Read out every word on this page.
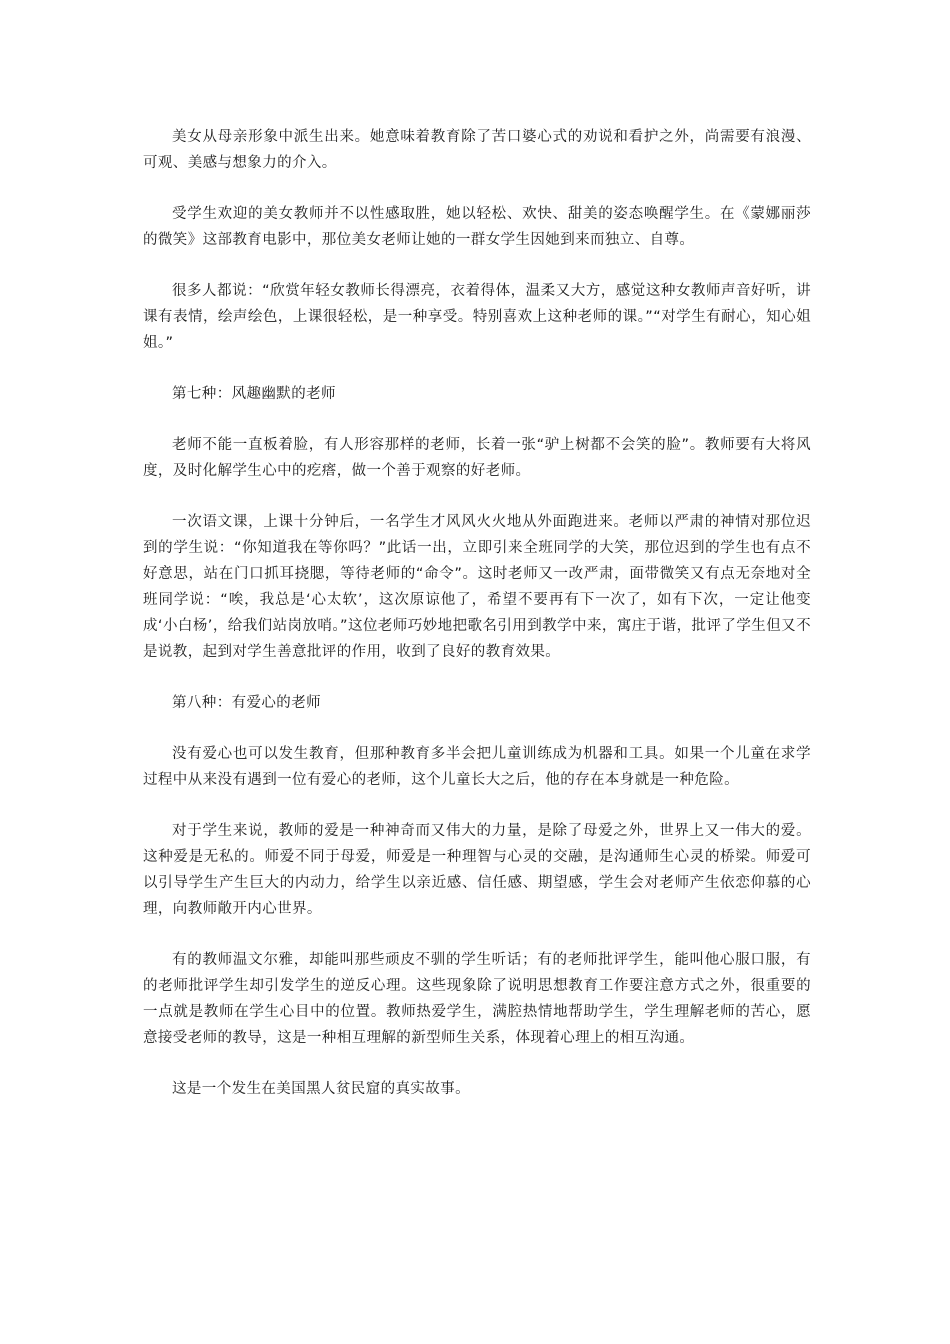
美女从母亲形象中派生出来。她意味着教育除了苦口婆心式的劝说和看护之外，尚需要有浪漫、可观、美感与想象力的介入。

受学生欢迎的美女教师并不以性感取胜，她以轻松、欢快、甜美的姿态唤醒学生。在《蒙娜丽莎的微笑》这部教育电影中，那位美女老师让她的一群女学生因她到来而独立、自尊。

很多人都说：“欣赏年轻女教师长得漂亮，衣着得体，温柔又大方，感觉这种女教师声音好听，讲课有表情，绘声绘色，上课很轻松，是一种享受。特别喜欢上这种老师的课。”“对学生有耐心，知心姐姐。”

第七种：风趣幽默的老师

老师不能一直板着脸，有人形容那样的老师，长着一张“驴上树都不会笑的脸”。教师要有大将风度，及时化解学生心中的疙瘩，做一个善于观察的好老师。

一次语文课，上课十分钟后，一名学生才风风火火地从外面跑进来。老师以严肃的神情对那位迟到的学生说：“你知道我在等你吗？”此话一出，立即引来全班同学的大笑，那位迟到的学生也有点不好意思，站在门口抓耳挠腮，等待老师的“命令”。这时老师又一改严肃，面带微笑又有点无奈地对全班同学说：“唉，我总是‘心太软’，这次原谅他了，希望不要再有下一次了，如有下次，一定让他变成‘小白杨’，给我们站岗放哨。”这位老师巧妙地把歌名引用到教学中来，寓庄于谐，批评了学生但又不是说教，起到对学生善意批评的作用，收到了良好的教育效果。

第八种：有爱心的老师

没有爱心也可以发生教育，但那种教育多半会把儿童训练成为机器和工具。如果一个儿童在求学过程中从来没有遇到一位有爱心的老师，这个儿童长大之后，他的存在本身就是一种危险。

对于学生来说，教师的爱是一种神奇而又伟大的力量，是除了母爱之外，世界上又一伟大的爱。这种爱是无私的。师爱不同于母爱，师爱是一种理智与心灵的交融，是沟通师生心灵的桥梁。师爱可以引导学生产生巨大的内动力，给学生以亲近感、信任感、期望感，学生会对老师产生依恋仰慕的心理，向教师敞开内心世界。

有的教师温文尔雅，却能叫那些顽皮不驯的学生听话；有的老师批评学生，能叫他心服口服，有的老师批评学生却引发学生的逆反心理。这些现象除了说明思想教育工作要注意方式之外，很重要的一点就是教师在学生心目中的位置。教师热爱学生，满腔热情地帮助学生，学生理解老师的苦心，愿意接受老师的教导，这是一种相互理解的新型师生关系，体现着心理上的相互沟通。

这是一个发生在美国黑人贫民窟的真实故事。
